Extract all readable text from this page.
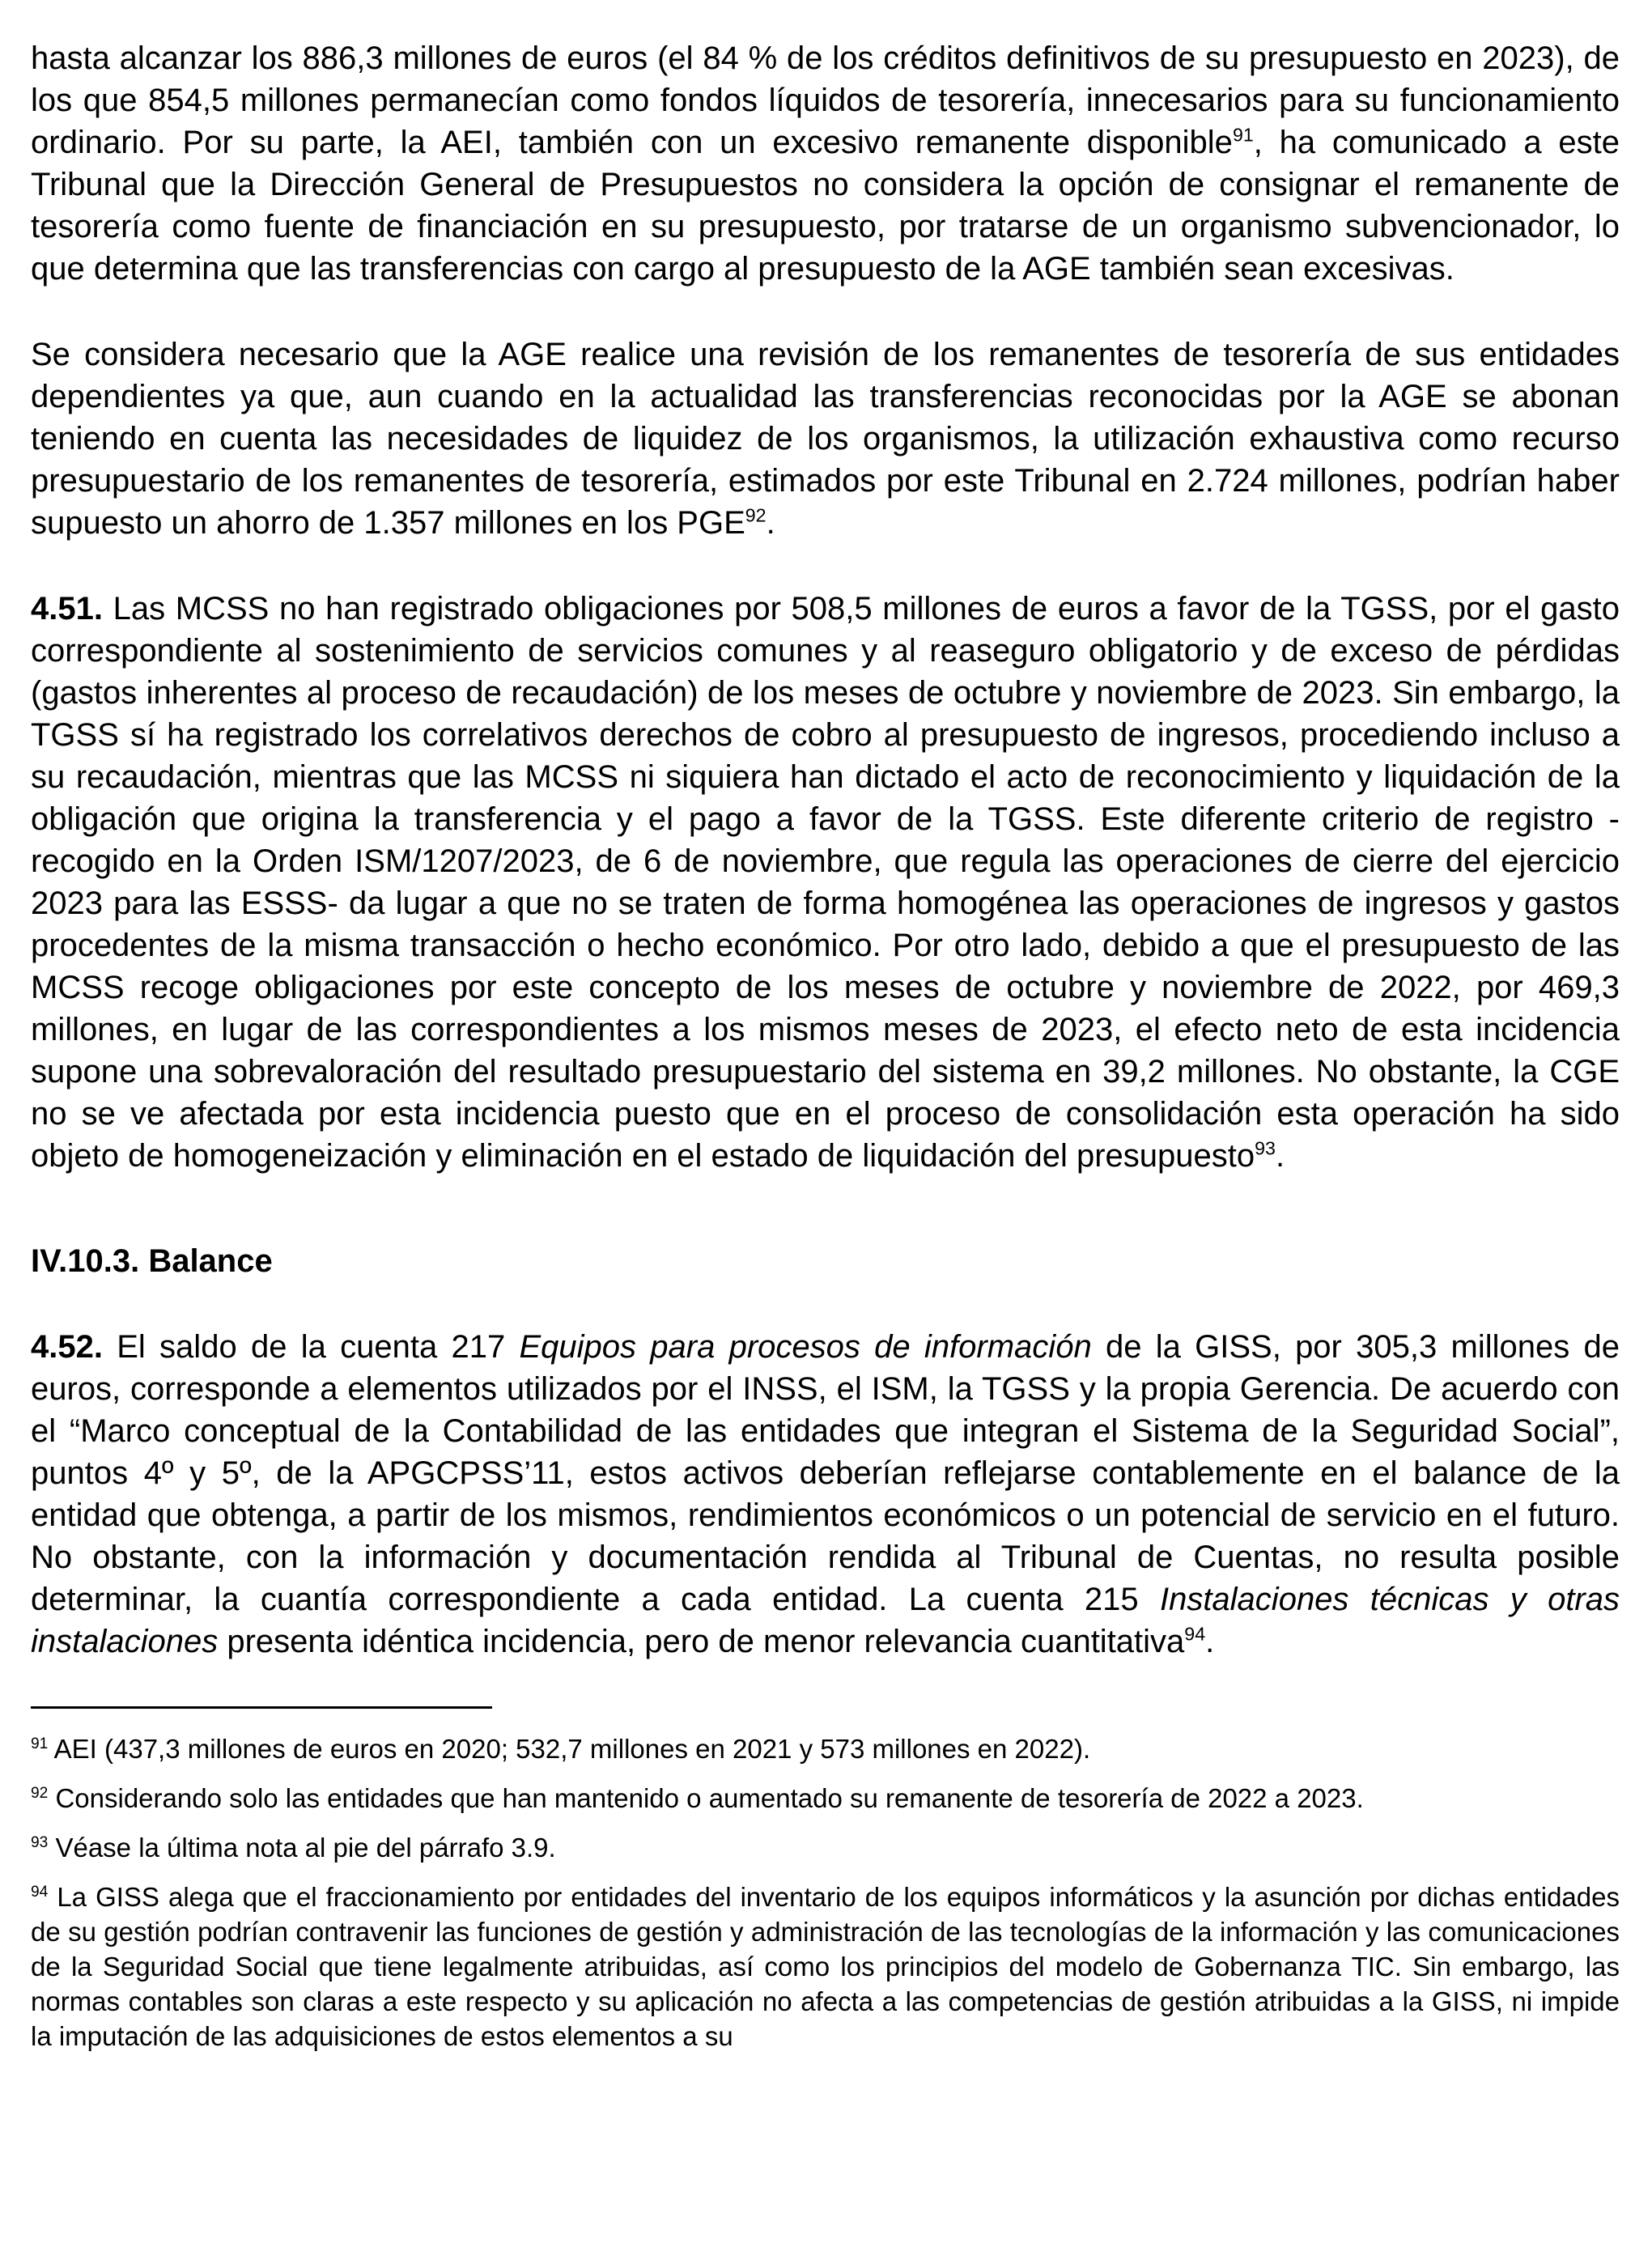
hasta alcanzar los 886,3 millones de euros (el 84 % de los créditos definitivos de su presupuesto en 2023), de los que 854,5 millones permanecían como fondos líquidos de tesorería, innecesarios para su funcionamiento ordinario. Por su parte, la AEI, también con un excesivo remanente disponible$^{91}$, ha comunicado a este Tribunal que la Dirección General de Presupuestos no considera la opción de consignar el remanente de tesorería como fuente de financiación en su presupuesto, por tratarse de un organismo subvencionador, lo que determina que las transferencias con cargo al presupuesto de la AGE también sean excesivas.

Se considera necesario que la AGE realice una revisión de los remanentes de tesorería de sus entidades dependientes ya que, aun cuando en la actualidad las transferencias reconocidas por la AGE se abonan teniendo en cuenta las necesidades de liquidez de los organismos, la utilización exhaustiva como recurso presupuestario de los remanentes de tesorería, estimados por este Tribunal en 2.724 millones, podrían haber supuesto un ahorro de 1.357 millones en los PGE$^{92}$.

4.51. Las MCSS no han registrado obligaciones por 508,5 millones de euros a favor de la TGSS, por el gasto correspondiente al sostenimiento de servicios comunes y al reaseguro obligatorio y de exceso de pérdidas (gastos inherentes al proceso de recaudación) de los meses de octubre y noviembre de 2023. Sin embargo, la TGSS sí ha registrado los correlativos derechos de cobro al presupuesto de ingresos, procediendo incluso a su recaudación, mientras que las MCSS ni siquiera han dictado el acto de reconocimiento y liquidación de la obligación que origina la transferencia y el pago a favor de la TGSS. Este diferente criterio de registro -recogido en la Orden ISM/1207/2023, de 6 de noviembre, que regula las operaciones de cierre del ejercicio 2023 para las ESSS- da lugar a que no se traten de forma homogénea las operaciones de ingresos y gastos procedentes de la misma transacción o hecho económico. Por otro lado, debido a que el presupuesto de las MCSS recoge obligaciones por este concepto de los meses de octubre y noviembre de 2022, por 469,3 millones, en lugar de las correspondientes a los mismos meses de 2023, el efecto neto de esta incidencia supone una sobrevaloración del resultado presupuestario del sistema en 39,2 millones. No obstante, la CGE no se ve afectada por esta incidencia puesto que en el proceso de consolidación esta operación ha sido objeto de homogeneización y eliminación en el estado de liquidación del presupuesto$^{93}$.

IV.10.3. Balance

4.52. El saldo de la cuenta 217 Equipos para procesos de información de la GISS, por 305,3 millones de euros, corresponde a elementos utilizados por el INSS, el ISM, la TGSS y la propia Gerencia. De acuerdo con el “Marco conceptual de la Contabilidad de las entidades que integran el Sistema de la Seguridad Social”, puntos 4º y 5º, de la APGCPSS’11, estos activos deberían reflejarse contablemente en el balance de la entidad que obtenga, a partir de los mismos, rendimientos económicos o un potencial de servicio en el futuro. No obstante, con la información y documentación rendida al Tribunal de Cuentas, no resulta posible determinar, la cuantía correspondiente a cada entidad. La cuenta 215 Instalaciones técnicas y otras instalaciones presenta idéntica incidencia, pero de menor relevancia cuantitativa$^{94}$.

$^{91}$ AEI (437,3 millones de euros en 2020; 532,7 millones en 2021 y 573 millones en 2022).

$^{92}$ Considerando solo las entidades que han mantenido o aumentado su remanente de tesorería de 2022 a 2023.

$^{93}$ Véase la última nota al pie del párrafo 3.9.

$^{94}$ La GISS alega que el fraccionamiento por entidades del inventario de los equipos informáticos y la asunción por dichas entidades de su gestión podrían contravenir las funciones de gestión y administración de las tecnologías de la información y las comunicaciones de la Seguridad Social que tiene legalmente atribuidas, así como los principios del modelo de Gobernanza TIC. Sin embargo, las normas contables son claras a este respecto y su aplicación no afecta a las competencias de gestión atribuidas a la GISS, ni impide la imputación de las adquisiciones de estos elementos a su
